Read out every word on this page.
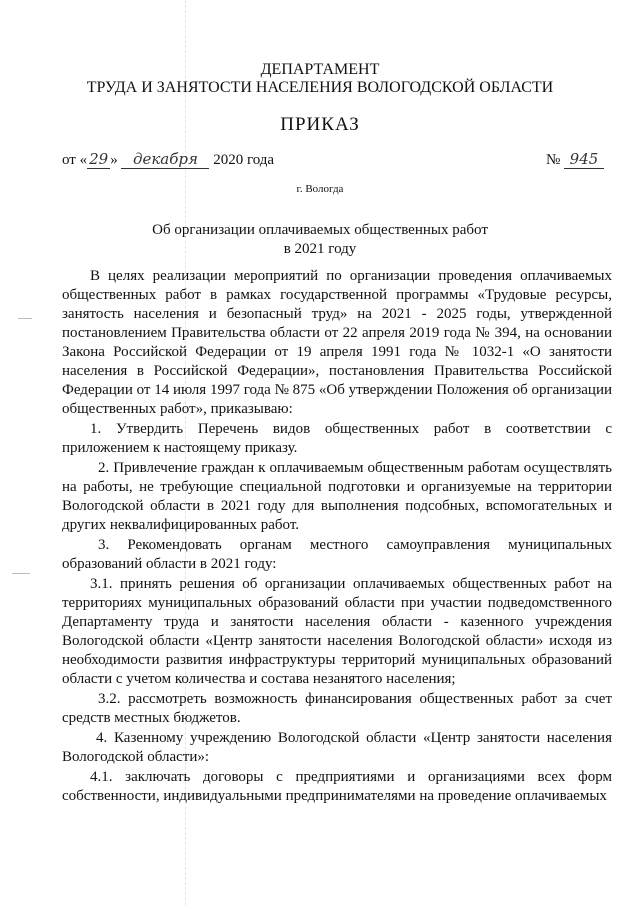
ДЕПАРТАМЕНТ
ТРУДА И ЗАНЯТОСТИ НАСЕЛЕНИЯ ВОЛОГОДСКОЙ ОБЛАСТИ
ПРИКАЗ
от « 29 » декабря 2020 года	№ 945
г. Вологда
Об организации оплачиваемых общественных работ
в 2021 году

В целях реализации мероприятий по организации проведения оплачиваемых общественных работ в рамках государственной программы «Трудовые ресурсы, занятость населения и безопасный труд» на 2021 - 2025 годы, утвержденной постановлением Правительства области от 22 апреля 2019 года № 394, на основании Закона Российской Федерации от 19 апреля 1991 года № 1032-1 «О занятости населения в Российской Федерации», постановления Правительства Российской Федерации от 14 июля 1997 года № 875 «Об утверждении Положения об организации общественных работ», приказываю:

1. Утвердить Перечень видов общественных работ в соответствии с приложением к настоящему приказу.

2. Привлечение граждан к оплачиваемым общественным работам осуществлять на работы, не требующие специальной подготовки и организуемые на территории Вологодской области в 2021 году для выполнения подсобных, вспомогательных и других неквалифицированных работ.

3. Рекомендовать органам местного самоуправления муниципальных образований области в 2021 году:

3.1. принять решения об организации оплачиваемых общественных работ на территориях муниципальных образований области при участии подведомственного Департаменту труда и занятости населения области - казенного учреждения Вологодской области «Центр занятости населения Вологодской области» исходя из необходимости развития инфраструктуры территорий муниципальных образований области с учетом количества и состава незанятого населения;

3.2. рассмотреть возможность финансирования общественных работ за счет средств местных бюджетов.

4. Казенному учреждению Вологодской области «Центр занятости населения Вологодской области»:

4.1. заключать договоры с предприятиями и организациями всех форм собственности, индивидуальными предпринимателями на проведение оплачиваемых
